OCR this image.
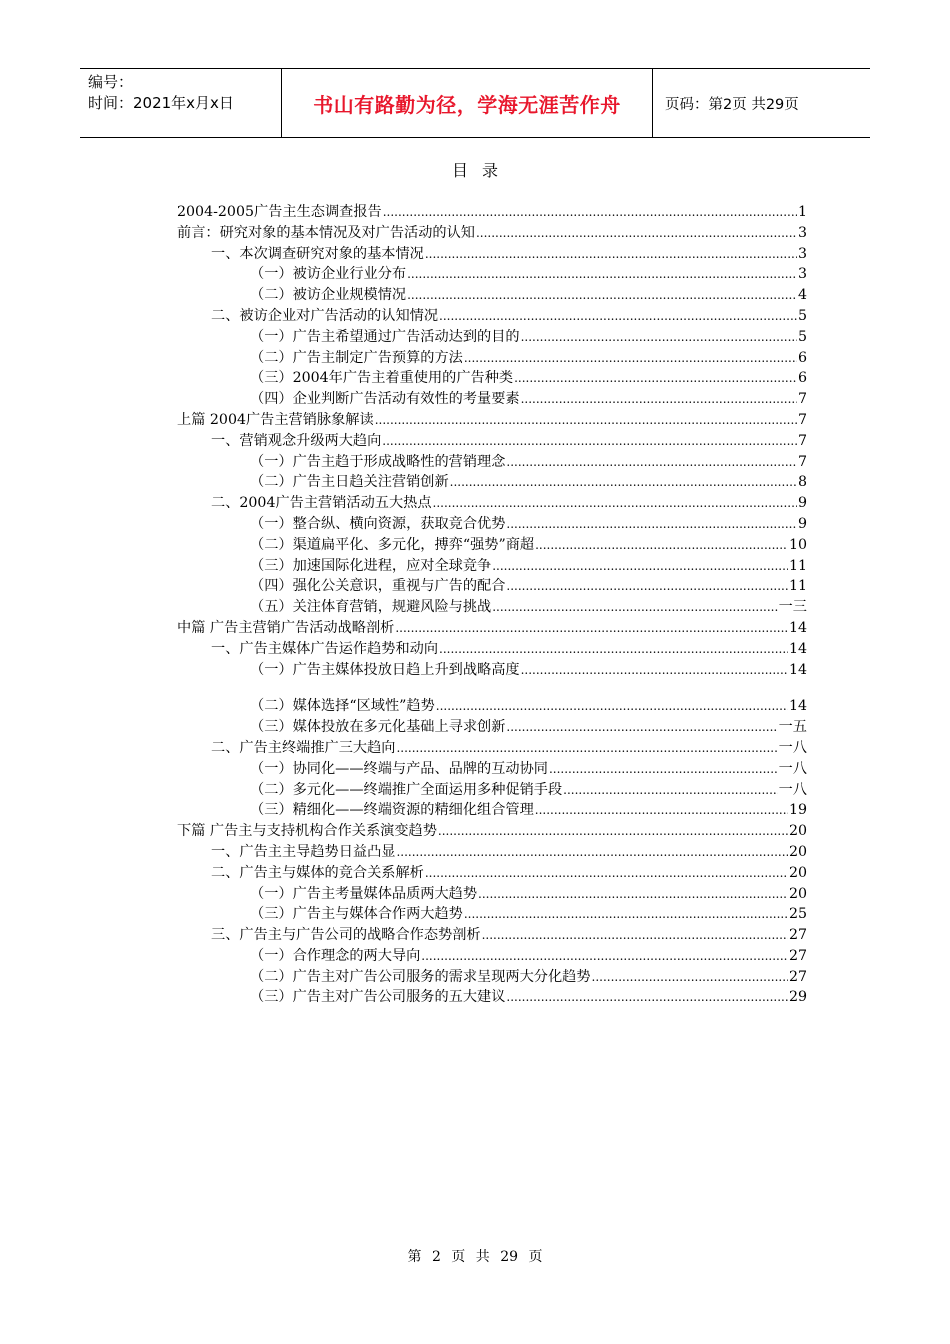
编号：
时间：2021年x月x日	书山有路勤为径，学海无涯苦作舟	页码：第2页 共29页
目录
2004-2005广告主生态调查报告 .....	1
前言：研究对象的基本情况及对广告活动的认知 .....	3
一、本次调查研究对象的基本情况 .....	3
（一）被访企业行业分布 .....	3
（二）被访企业规模情况 .....	4
二、被访企业对广告活动的认知情况 .....	5
（一）广告主希望通过广告活动达到的目的 .....	5
（二）广告主制定广告预算的方法 .....	6
（三）2004年广告主着重使用的广告种类 .....	6
（四）企业判断广告活动有效性的考量要素 .....	7
上篇 2004广告主营销脉象解读 .....	7
一、营销观念升级两大趋向 .....	7
（一）广告主趋于形成战略性的营销理念 .....	7
（二）广告主日趋关注营销创新 .....	8
二、2004广告主营销活动五大热点 .....	9
（一）整合纵、横向资源，获取竞合优势 .....	9
（二）渠道扁平化、多元化，搏弈“强势”商超 .....	10
（三）加速国际化进程，应对全球竞争 .....	11
（四）强化公关意识，重视与广告的配合 .....	11
（五）关注体育营销，规避风险与挑战 .....	一三
中篇 广告主营销广告活动战略剖析 .....	14
一、广告主媒体广告运作趋势和动向 .....	14
（一）广告主媒体投放日趋上升到战略高度 .....	14
（二）媒体选择“区域性”趋势 .....	14
（三）媒体投放在多元化基础上寻求创新 .....	一五
二、广告主终端推广三大趋向 .....	一八
（一）协同化——终端与产品、品牌的互动协同 .....	一八
（二）多元化——终端推广全面运用多种促销手段 .....	一八
（三）精细化——终端资源的精细化组合管理 .....	19
下篇 广告主与支持机构合作关系演变趋势 .....	20
一、广告主主导趋势日益凸显 .....	20
二、广告主与媒体的竞合关系解析 .....	20
（一）广告主考量媒体品质两大趋势 .....	20
（三）广告主与媒体合作两大趋势 .....	25
三、广告主与广告公司的战略合作态势剖析 .....	27
（一）合作理念的两大导向 .....	27
（二）广告主对广告公司服务的需求呈现两大分化趋势 .....	27
（三）广告主对广告公司服务的五大建议 .....	29
第 2 页 共 29 页
